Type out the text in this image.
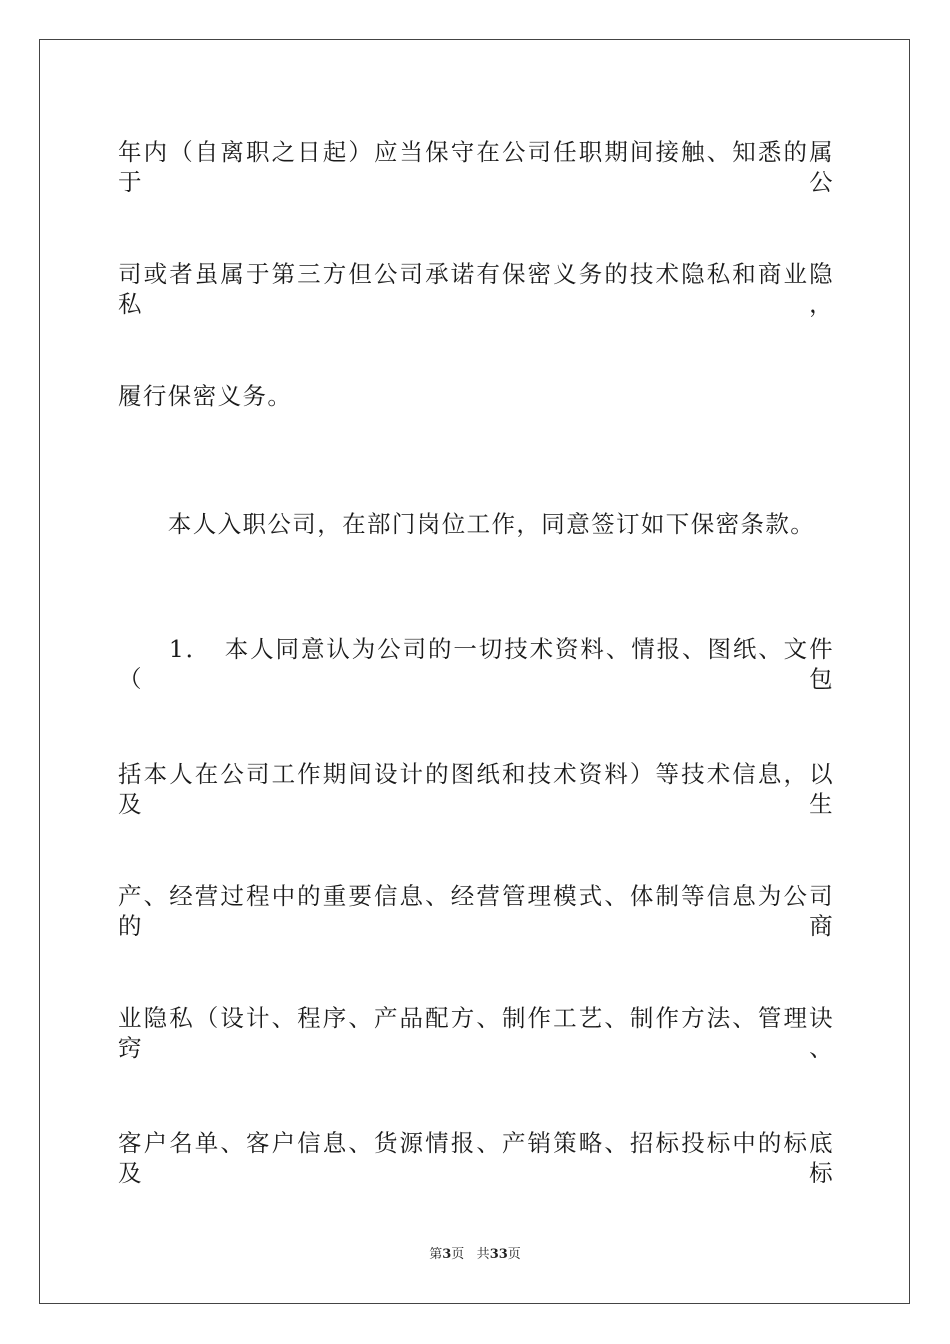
年内（自离职之日起）应当保守在公司任职期间接触、知悉的属于公
司或者虽属于第三方但公司承诺有保密义务的技术隐私和商业隐私，
履行保密义务。
　　本人入职公司，在部门岗位工作，同意签订如下保密条款。
　　1．　本人同意认为公司的一切技术资料、情报、图纸、文件（包
括本人在公司工作期间设计的图纸和技术资料）等技术信息，以及生
产、经营过程中的重要信息、经营管理模式、体制等信息为公司的商
业隐私（设计、程序、产品配方、制作工艺、制作方法、管理诀窍、
客户名单、客户信息、货源情报、产销策略、招标投标中的标底及标
第3页 共33页
